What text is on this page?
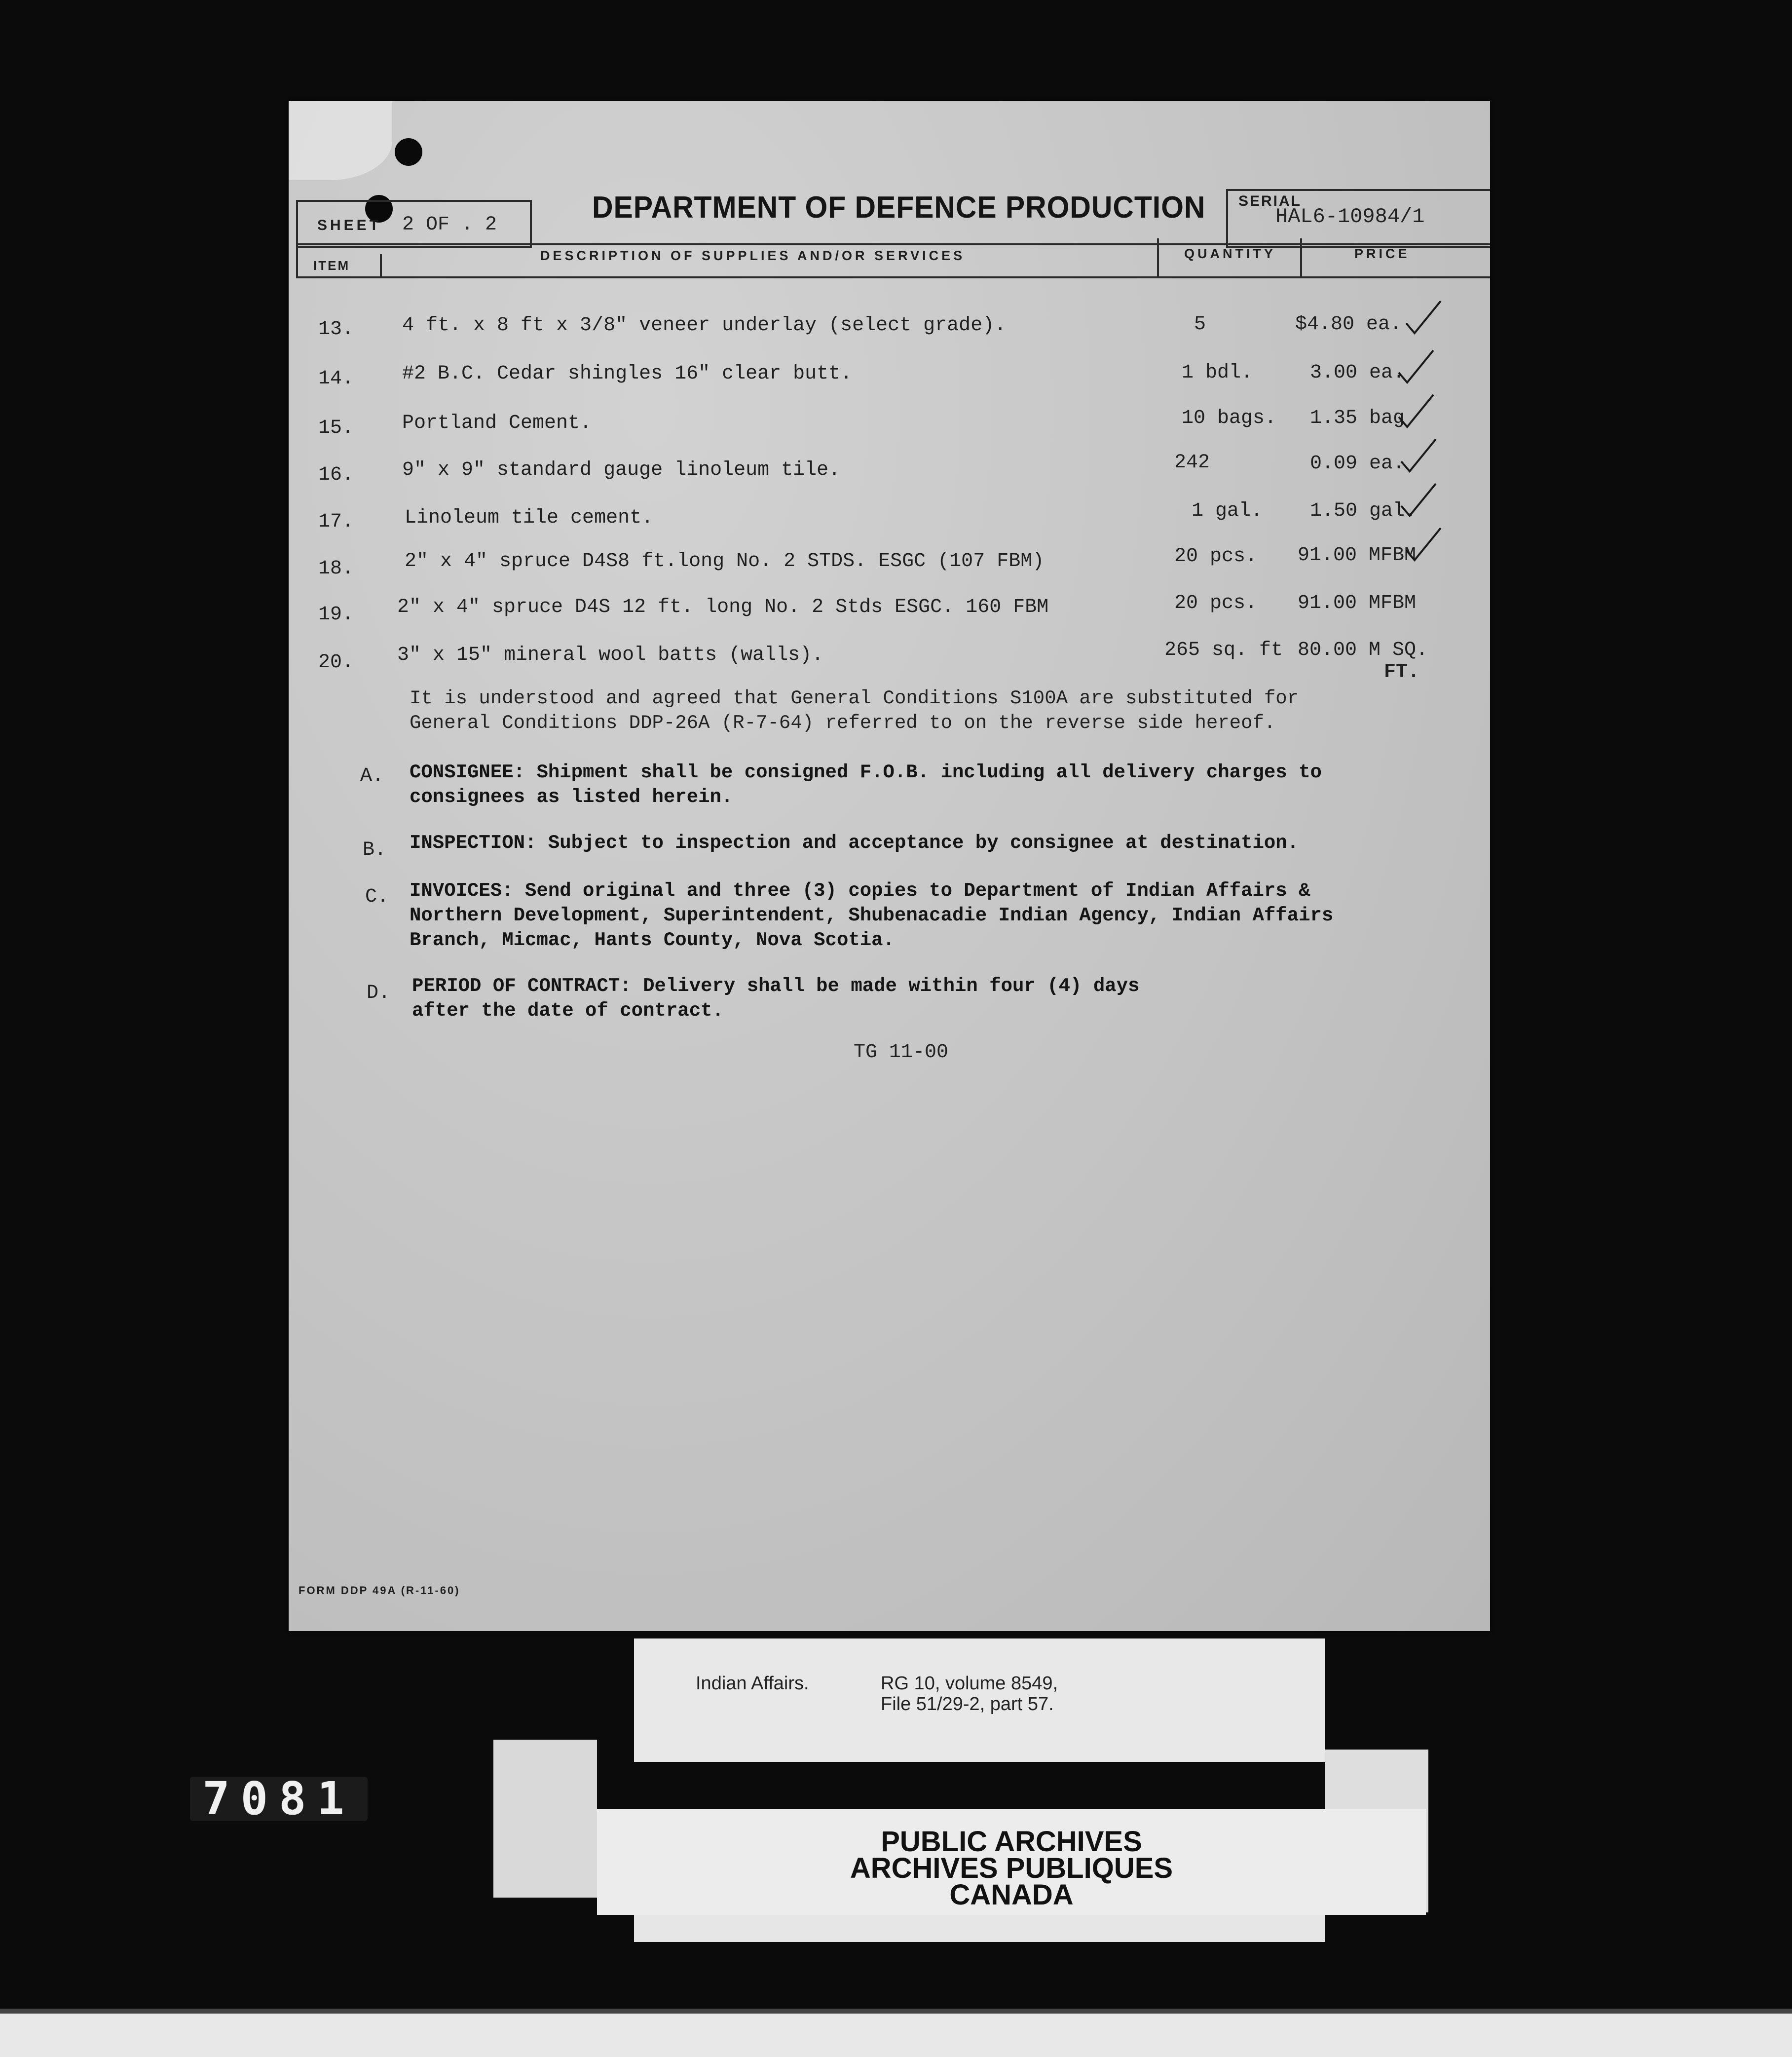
SHEET 2 OF . 2
DEPARTMENT OF DEFENCE PRODUCTION SERIAL
HAL6-10984/1
ITEM
DESCRIPTION OF SUPPLIES AND/OR SERVICES	QUANTITY	PRICE
13. 4 ft. x 8 ft x 3/8" veneer underlay (select grade).	5	$4.80 ea.
14. #2 B.C. Cedar shingles 16" clear butt.	1 bdl.	3.00 ea.
15. Portland Cement.	10 bags. 1.35 bag
16. 9" x 9" standard gauge linoleum tile.	242	0.09 ea.
17.	Linoleum tile cement.	1 gal. 1.50 gal.
18.	2" x 4" spruce D4S8 ft.long No. 2 STDS. ESGC (107 FBM)	20 pcs. 91.00 MFBM
19. 2" x 4" spruce D4S 12 ft. long No. 2 Stds ESGC. 160 FBM	20 pcs. 91.00 MFBM
20. 3" x 15" mineral wool batts (walls).	265 sq. ft 80.00 M SQ.
FT.
It is understood and agreed that General Conditions S100A are substituted for General Conditions DDP-26A (R-7-64) referred to on the reverse side hereof.
A. CONSIGNEE: Shipment shall be consigned F.O.B. including all delivery charges to consignees as listed herein.
B. INSPECTION: Subject to inspection and acceptance by consignee at destination.
C. INVOICES: Send original and three (3) copies to Department of Indian Affairs & Northern Development, Superintendent, Shubenacadie Indian Agency, Indian Affairs Branch, Micmac, Hants County, Nova Scotia.
D. PERIOD OF CONTRACT: Delivery shall be made within four (4) days after the date of contract.
TG 11-00
FORM DDP 49A (R-11-60)
Indian Affairs.	RG 10, volume 8549,
File 51/29-2, part 57.
PUBLIC ARCHIVES
ARCHIVES PUBLIQUES
CANADA
7081
